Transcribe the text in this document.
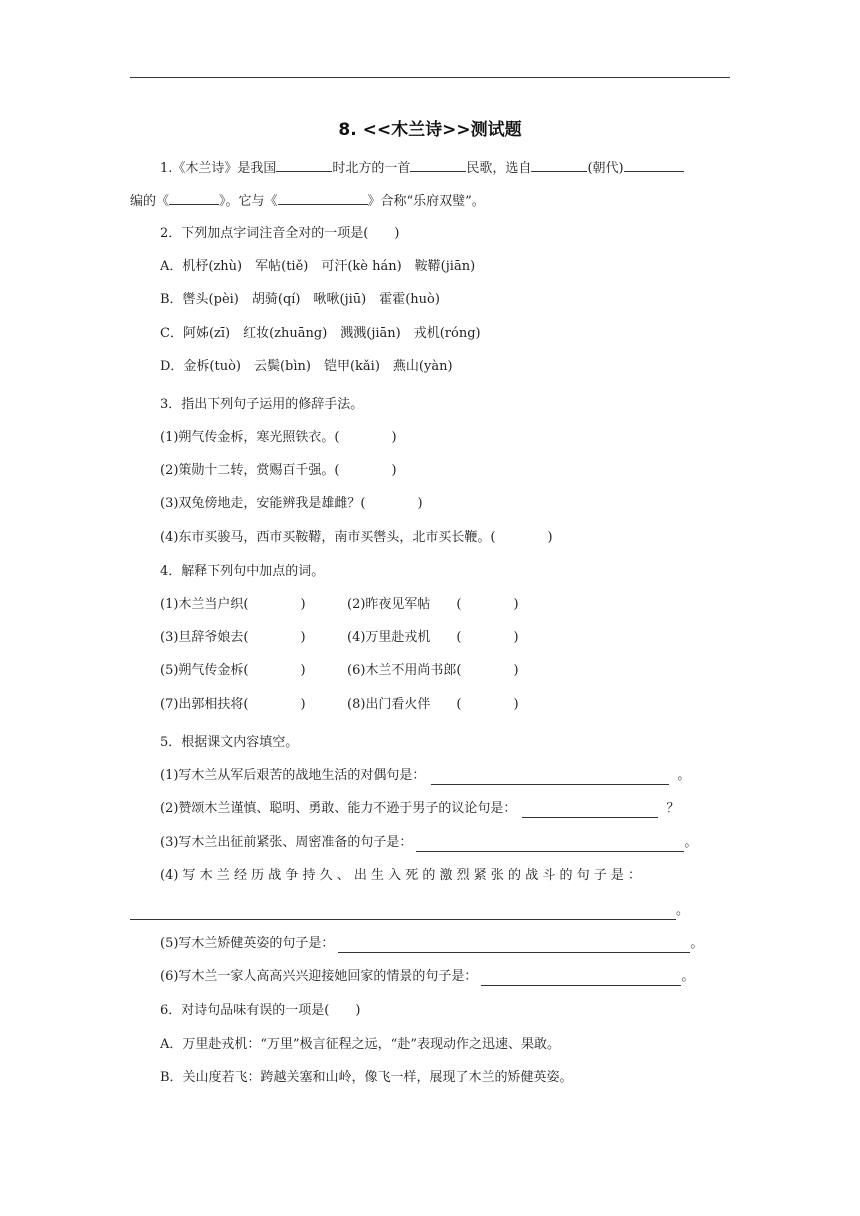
8. <<木兰诗>>测试题
1.《木兰诗》是我国	时北方的一首	民歌，选自	(朝代)
编的《	》。它与《	》合称“乐府双璧”。
2．下列加点字词注音全对的一项是(　　)
A．机杼(zhù)　军帖(tiě)　可汗(kè hán)　鞍鞯(jiān)
B．辔头(pèi)　胡骑(qí)　啾啾(jiū)　霍霍(huò)
C．阿姊(zī)　红妆(zhuāng)　溅溅(jiān)　戎机(róng)
D．金柝(tuò)　云鬓(bìn)　铠甲(kǎi)　燕山(yàn)
3．指出下列句子运用的修辞手法。
(1)朔气传金柝，寒光照铁衣。(　　　　)
(2)策勋十二转，赏赐百千强。(　　　　)
(3)双兔傍地走，安能辨我是雄雌？(　　　　)
(4)东市买骏马，西市买鞍鞯，南市买辔头，北市买长鞭。(　　　　)
4．解释下列句中加点的词。
(1)木兰当户织(　　　　)	(2)昨夜见军帖　　(　　　　)
(3)旦辞爷娘去(　　　　)	(4)万里赴戎机　　(　　　　)
(5)朔气传金柝(　　　　)	(6)木兰不用尚书郎(　　　　)
(7)出郭相扶将(　　　　)	(8)出门看火伴　　(　　　　)
5．根据课文内容填空。
(1)写木兰从军后艰苦的战地生活的对偶句是：	。
(2)赞颂木兰谨慎、聪明、勇敢、能力不逊于男子的议论句是：	？
(3)写木兰出征前紧张、周密准备的句子是：	。
(4) 写 木 兰 经 历 战 争 持 久 、 出 生 入 死 的 激 烈 紧 张 的 战 斗 的 句 子 是 ：
。
(5)写木兰矫健英姿的句子是：	。
(6)写木兰一家人高高兴兴迎接她回家的情景的句子是：	。
6．对诗句品味有误的一项是(　　)
A．万里赴戎机：“万里”极言征程之远，“赴”表现动作之迅速、果敢。
B．关山度若飞：跨越关塞和山岭，像飞一样，展现了木兰的矫健英姿。
